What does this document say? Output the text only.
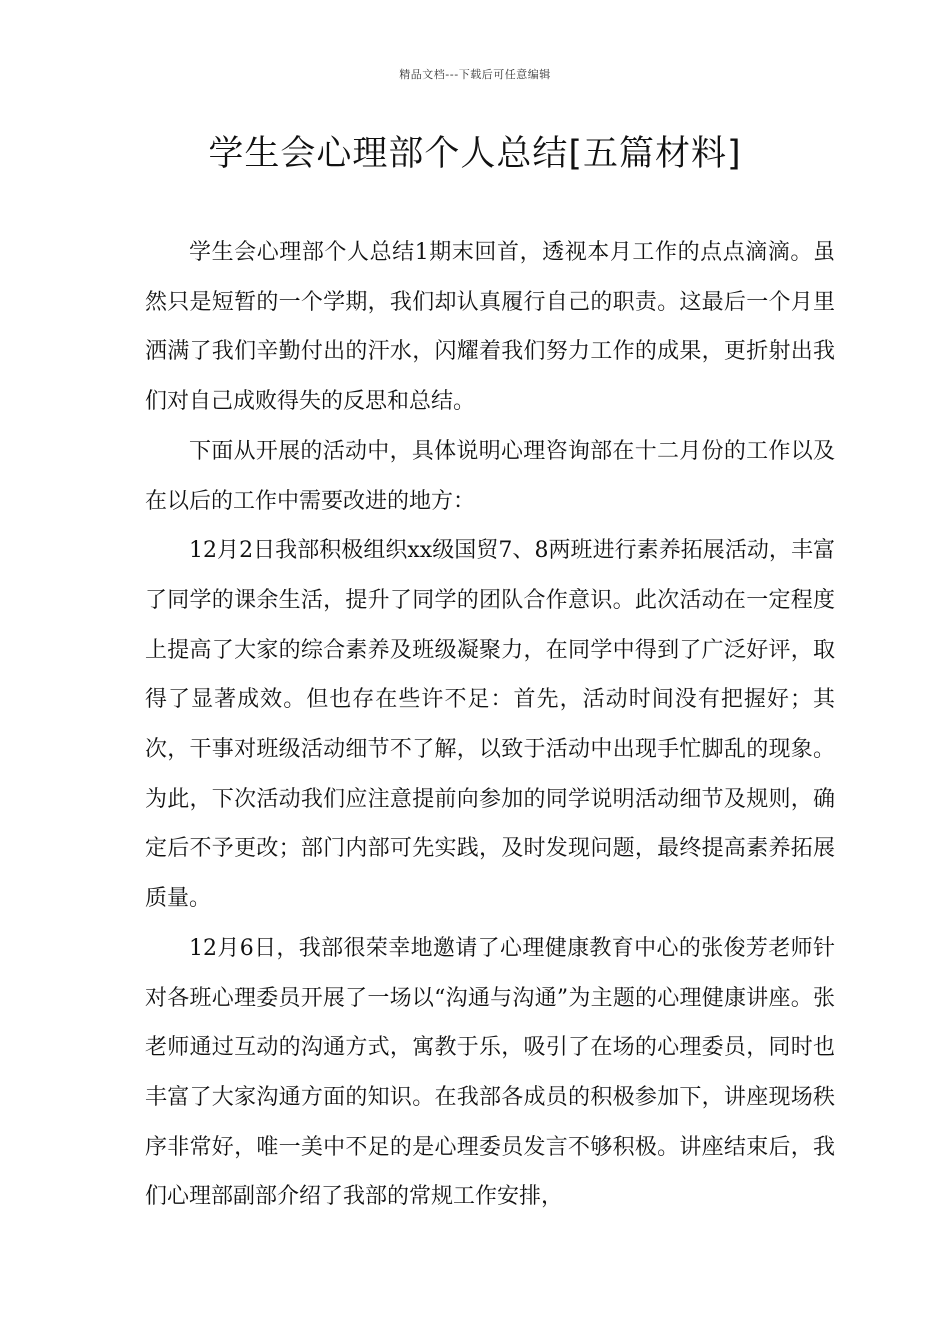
精品文档---下载后可任意编辑
学生会心理部个人总结[五篇材料]

学生会心理部个人总结1期末回首，透视本月工作的点点滴滴。虽然只是短暂的一个学期，我们却认真履行自己的职责。这最后一个月里洒满了我们辛勤付出的汗水，闪耀着我们努力工作的成果，更折射出我们对自己成败得失的反思和总结。

下面从开展的活动中，具体说明心理咨询部在十二月份的工作以及在以后的工作中需要改进的地方：

12月2日我部积极组织xx级国贸7、8两班进行素养拓展活动，丰富了同学的课余生活，提升了同学的团队合作意识。此次活动在一定程度上提高了大家的综合素养及班级凝聚力，在同学中得到了广泛好评，取得了显著成效。但也存在些许不足：首先，活动时间没有把握好；其次，干事对班级活动细节不了解，以致于活动中出现手忙脚乱的现象。为此，下次活动我们应注意提前向参加的同学说明活动细节及规则，确定后不予更改；部门内部可先实践，及时发现问题，最终提高素养拓展质量。

12月6日，我部很荣幸地邀请了心理健康教育中心的张俊芳老师针对各班心理委员开展了一场以“沟通与沟通”为主题的心理健康讲座。张老师通过互动的沟通方式，寓教于乐，吸引了在场的心理委员，同时也丰富了大家沟通方面的知识。在我部各成员的积极参加下，讲座现场秩序非常好，唯一美中不足的是心理委员发言不够积极。讲座结束后，我们心理部副部介绍了我部的常规工作安排，
